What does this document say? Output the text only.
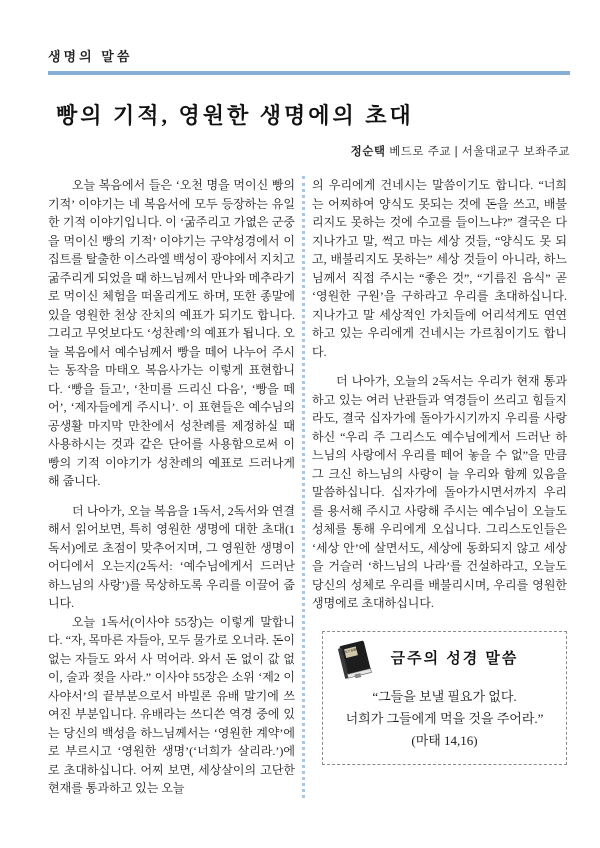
생명의 말씀
빵의 기적, 영원한 생명에의 초대
정순택 베드로 주교 | 서울대교구 보좌주교

오늘 복음에서 들은 ‘오천 명을 먹이신 빵의 기적’ 이야기는 네 복음서에 모두 등장하는 유일한 기적 이야기입니다. 이 ‘굶주리고 가엾은 군중을 먹이신 빵의 기적’ 이야기는 구약성경에서 이집트를 탈출한 이스라엘 백성이 광야에서 지치고 굶주리게 되었을 때 하느님께서 만나와 메추라기로 먹이신 체험을 떠올리게도 하며, 또한 종말에 있을 영원한 천상 잔치의 예표가 되기도 합니다. 그리고 무엇보다도 ‘성찬례’의 예표가 됩니다. 오늘 복음에서 예수님께서 빵을 떼어 나누어 주시는 동작을 마태오 복음사가는 이렇게 표현합니다. ‘빵을 들고’, ‘찬미를 드리신 다음’, ‘빵을 떼어’, ‘제자들에게 주시니’. 이 표현들은 예수님의 공생활 마지막 만찬에서 성찬례를 제정하실 때 사용하시는 것과 같은 단어를 사용함으로써 이 빵의 기적 이야기가 성찬례의 예표로 드러나게 해 줍니다.

더 나아가, 오늘 복음을 1독서, 2독서와 연결해서 읽어보면, 특히 영원한 생명에 대한 초대(1독서)에로 초점이 맞추어지며, 그 영원한 생명이 어디에서 오는지(2독서: ‘예수님에게서 드러난 하느님의 사랑’)를 묵상하도록 우리를 이끌어 줍니다.

오늘 1독서(이사야 55장)는 이렇게 말합니다. “자, 목마른 자들아, 모두 물가로 오너라. 돈이 없는 자들도 와서 사 먹어라. 와서 돈 없이 값 없이, 술과 젖을 사라.” 이사야 55장은 소위 ‘제2 이사야서’의 끝부분으로서 바빌론 유배 말기에 쓰여진 부분입니다. 유배라는 쓰디쓴 역경 중에 있는 당신의 백성을 하느님께서는 ‘영원한 계약’에로 부르시고 ‘영원한 생명’(‘너희가 살리라.’)에로 초대하십니다. 어찌 보면, 세상살이의 고단한 현재를 통과하고 있는 오늘

의 우리에게 건네시는 말씀이기도 합니다. “너희는 어찌하여 양식도 못되는 것에 돈을 쓰고, 배불리지도 못하는 것에 수고를 들이느냐?” 결국은 다 지나가고 말, 썩고 마는 세상 것들, “양식도 못 되고, 배불리지도 못하는” 세상 것들이 아니라, 하느님께서 직접 주시는 “좋은 것”, “기름진 음식” 곧 ‘영원한 구원’을 구하라고 우리를 초대하십니다. 지나가고 말 세상적인 가치들에 어리석게도 연연하고 있는 우리에게 건네시는 가르침이기도 합니다.

더 나아가, 오늘의 2독서는 우리가 현재 통과하고 있는 여러 난관들과 역경들이 쓰리고 힘들지라도, 결국 십자가에 돌아가시기까지 우리를 사랑하신 “우리 주 그리스도 예수님에게서 드러난 하느님의 사랑에서 우리를 떼어 놓을 수 없”을 만큼 그 크신 하느님의 사랑이 늘 우리와 함께 있음을 말씀하십니다. 십자가에 돌아가시면서까지 우리를 용서해 주시고 사랑해 주시는 예수님이 오늘도 성체를 통해 우리에게 오십니다. 그리스도인들은 ‘세상 안’에 살면서도, 세상에 동화되지 않고 세상을 거슬러 ‘하느님의 나라’를 건설하라고, 오늘도 당신의 성체로 우리를 배불리시며, 우리를 영원한 생명에로 초대하십니다.

HOLY BIBLE	금주의 성경 말씀
“그들을 보낼 필요가 없다.
너희가 그들에게 먹을 것을 주어라.”
(마태 14,16)
